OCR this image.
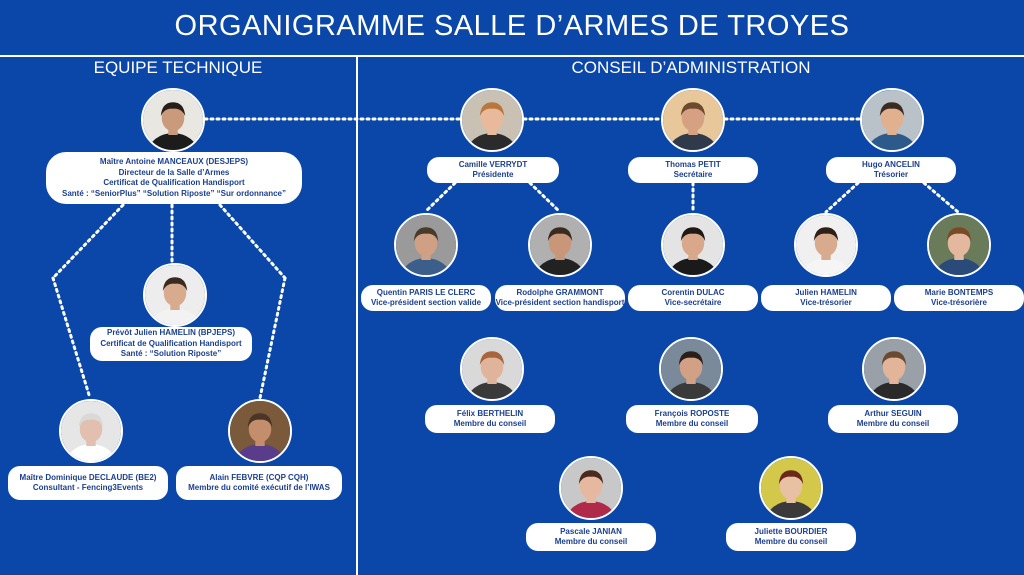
ORGANIGRAMME SALLE D’ARMES DE TROYES
EQUIPE TECHNIQUE	CONSEIL D’ADMINISTRATION
Maître Antoine MANCEAUX (DESJEPS)
Directeur de la Salle d’Armes
Certificat de Qualification Handisport
Santé : “SeniorPlus” “Solution Riposte” “Sur ordonnance”
Prévôt Julien HAMELIN (BPJEPS)
Certificat de Qualification Handisport
Santé : “Solution Riposte”
Maître Dominique DECLAUDE (BE2)
Consultant - Fencing3Events
Alain FEBVRE (CQP CQH)
Membre du comité exécutif de l’IWAS
Camille VERRYDT
Présidente
Thomas PETIT
Secrétaire
Hugo ANCELIN
Trésorier
Quentin PARIS LE CLERC
Vice-président section valide
Rodolphe GRAMMONT
Vice-président section handisport
Corentin DULAC
Vice-secrétaire
Julien HAMELIN
Vice-trésorier
Marie BONTEMPS
Vice-trésorière
Félix BERTHELIN
Membre du conseil
François ROPOSTE
Membre du conseil
Arthur SEGUIN
Membre du conseil
Pascale JANIAN
Membre du conseil
Juliette BOURDIER
Membre du conseil
